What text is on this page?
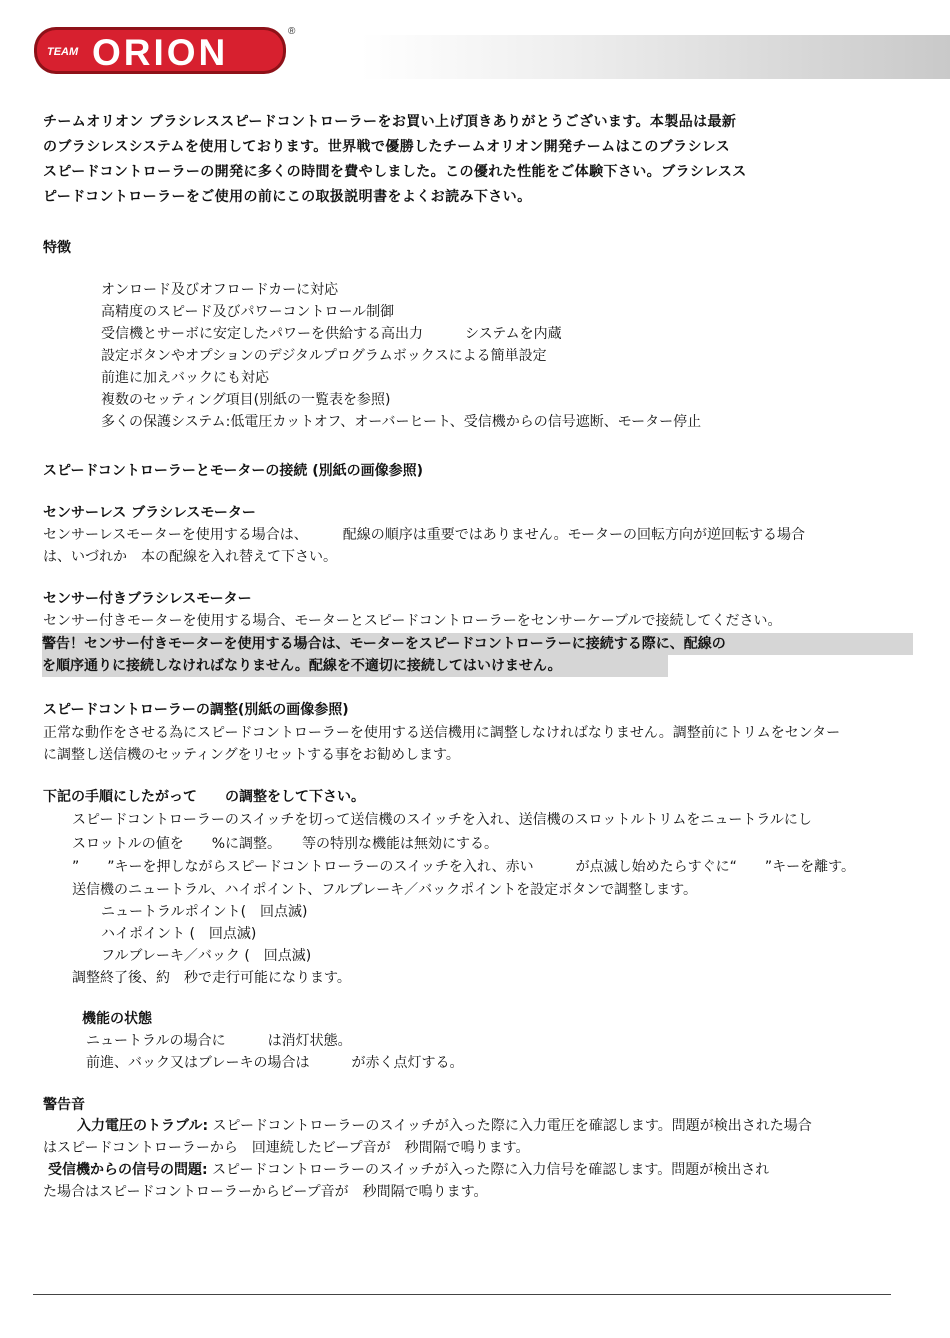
TEAM ORION
®
チームオリオン ブラシレススピードコントローラーをお買い上げ頂きありがとうございます。本製品は最新
のブラシレスシステムを使用しております。世界戦で優勝したチームオリオン開発チームはこのブラシレス
スピードコントローラーの開発に多くの時間を費やしました。この優れた性能をご体験下さい。ブラシレスス
ピードコントローラーをご使用の前にこの取扱説明書をよくお読み下さい。
特徴
オンロード及びオフロードカーに対応
高精度のスピード及びパワーコントロール制御
受信機とサーボに安定したパワーを供給する高出力　　　システムを内蔵
設定ボタンやオプションのデジタルプログラムボックスによる簡単設定
前進に加えバックにも対応
複数のセッティング項目(別紙の一覧表を参照)
多くの保護システム:低電圧カットオフ、オーバーヒート、受信機からの信号遮断、モーター停止
スピードコントローラーとモーターの接続 (別紙の画像参照)
センサーレス ブラシレスモーター
センサーレスモーターを使用する場合は、　　　配線の順序は重要ではありません。モーターの回転方向が逆回転する場合
は、いづれか　本の配線を入れ替えて下さい。
センサー付きブラシレスモーター
センサー付きモーターを使用する場合、モーターとスピードコントローラーをセンサーケーブルで接続してください。
警告！センサー付きモーターを使用する場合は、モーターをスピードコントローラーに接続する際に、配線の
を順序通りに接続しなければなりません。配線を不適切に接続してはいけません。
スピードコントローラーの調整(別紙の画像参照)
正常な動作をさせる為にスピードコントローラーを使用する送信機用に調整しなければなりません。調整前にトリムをセンター
に調整し送信機のセッティングをリセットする事をお勧めします。
下記の手順にしたがって　　の調整をして下さい。
スピードコントローラーのスイッチを切って送信機のスイッチを入れ、送信機のスロットルトリムをニュートラルにし
スロットルの値を　　%に調整。　　等の特別な機能は無効にする。
”　　”キーを押しながらスピードコントローラーのスイッチを入れ、赤い　　　が点滅し始めたらすぐに“　　”キーを離す。
送信機のニュートラル、ハイポイント、フルブレーキ／バックポイントを設定ボタンで調整します。
ニュートラルポイント(　回点滅)
ハイポイント (　回点滅)
フルブレーキ／バック (　回点滅)
調整終了後、約　秒で走行可能になります。
機能の状態
ニュートラルの場合に　　　は消灯状態。
前進、バック又はブレーキの場合は　　　が赤く点灯する。
警告音
入力電圧のトラブル: スピードコントローラーのスイッチが入った際に入力電圧を確認します。問題が検出された場合
はスピードコントローラーから　回連続したビープ音が　秒間隔で鳴ります。
受信機からの信号の問題: スピードコントローラーのスイッチが入った際に入力信号を確認します。問題が検出され
た場合はスピードコントローラーからビープ音が　秒間隔で鳴ります。
